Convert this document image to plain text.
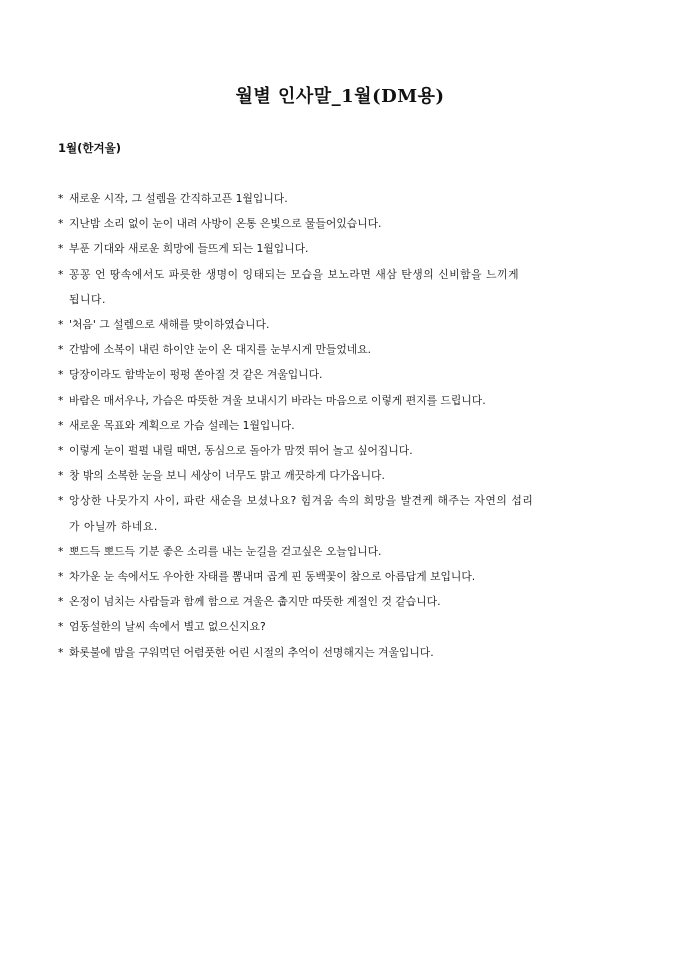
월별 인사말_1월(DM용)
1월(한겨울)
* 새로운 시작, 그 설렘을 간직하고픈 1월입니다.
* 지난밤 소리 없이 눈이 내려 사방이 온통 은빛으로 물들어있습니다.
* 부푼 기대와 새로운 희망에 들뜨게 되는 1월입니다.
* 꽁꽁 언 땅속에서도 파릇한 생명이 잉태되는 모습을 보노라면 새삼 탄생의 신비함을 느끼게
됩니다.
* '처음' 그 설렘으로 새해를 맞이하였습니다.
* 간밤에 소복이 내린 하이얀 눈이 온 대지를 눈부시게 만들었네요.
* 당장이라도 함박눈이 펑펑 쏟아질 것 같은 겨울입니다.
* 바람은 매서우나, 가슴은 따뜻한 겨울 보내시기 바라는 마음으로 이렇게 편지를 드립니다.
* 새로운 목표와 계획으로 가슴 설레는 1월입니다.
* 이렇게 눈이 펄펄 내릴 때면, 동심으로 돌아가 맘껏 뛰어 놀고 싶어집니다.
* 창 밖의 소복한 눈을 보니 세상이 너무도 맑고 깨끗하게 다가옵니다.
* 앙상한 나뭇가지 사이, 파란 새순을 보셨나요? 힘겨움 속의 희망을 발견케 해주는 자연의 섭리
가 아닐까 하네요.
* 뽀드득 뽀드득 기분 좋은 소리를 내는 눈길을 걷고싶은 오늘입니다.
* 차가운 눈 속에서도 우아한 자태를 뽐내며 곱게 핀 동백꽃이 참으로 아름답게 보입니다.
* 온정이 넘치는 사람들과 함께 함으로 겨울은 춥지만 따뜻한 계절인 것 같습니다.
* 엄동설한의 날씨 속에서 별고 없으신지요?
* 화롯불에 밤을 구워먹던 어렴풋한 어린 시절의 추억이 선명해지는 겨울입니다.
